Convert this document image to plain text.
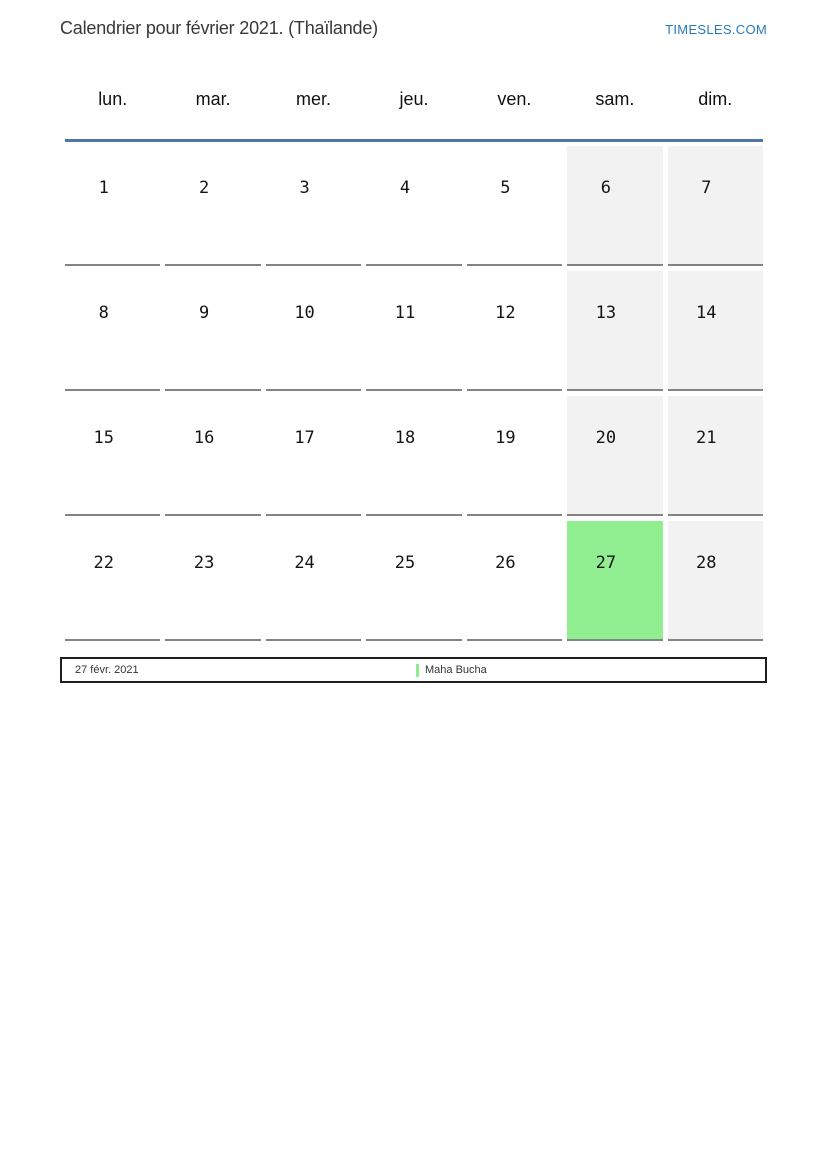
Calendrier pour février 2021. (Thaïlande)	TIMESLES.COM
lun.	mar.	mer.	jeu.	ven.	sam.	dim.
1	2	3	4	5	6	7
8	9	10	11	12	13	14
15	16	17	18	19	20	21
22	23	24	25	26	27	28
27 févr. 2021	Maha Bucha
